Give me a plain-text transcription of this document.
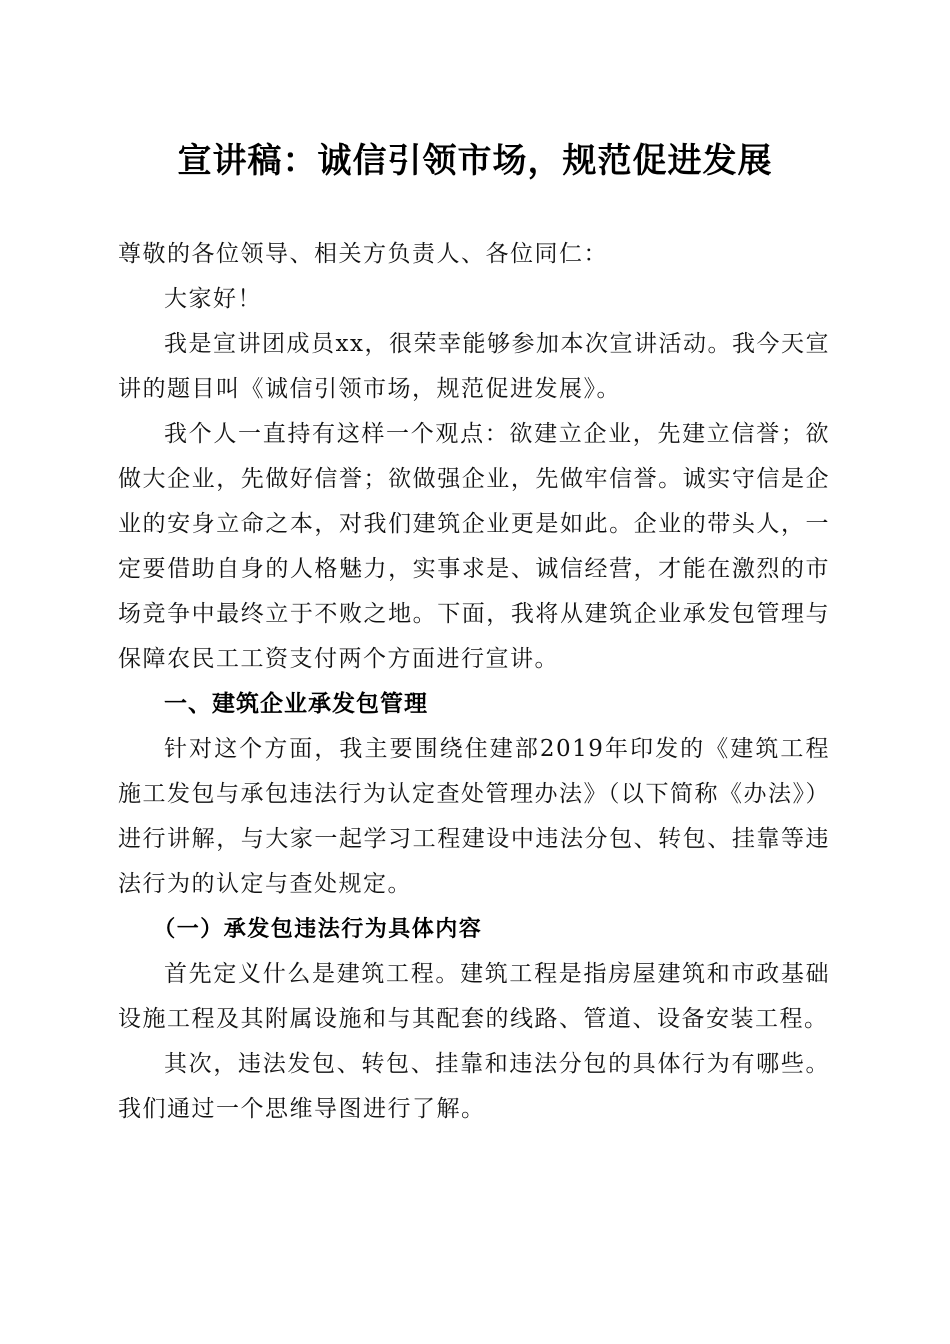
宣讲稿：诚信引领市场，规范促进发展

尊敬的各位领导、相关方负责人、各位同仁：

大家好！

我是宣讲团成员xx，很荣幸能够参加本次宣讲活动。我今天宣讲的题目叫《诚信引领市场，规范促进发展》。

我个人一直持有这样一个观点：欲建立企业，先建立信誉；欲做大企业，先做好信誉；欲做强企业，先做牢信誉。诚实守信是企业的安身立命之本，对我们建筑企业更是如此。企业的带头人，一定要借助自身的人格魅力，实事求是、诚信经营，才能在激烈的市场竞争中最终立于不败之地。下面，我将从建筑企业承发包管理与保障农民工工资支付两个方面进行宣讲。

一、建筑企业承发包管理

针对这个方面，我主要围绕住建部2019年印发的《建筑工程施工发包与承包违法行为认定查处管理办法》（以下简称《办法》）进行讲解，与大家一起学习工程建设中违法分包、转包、挂靠等违法行为的认定与查处规定。

（一）承发包违法行为具体内容

首先定义什么是建筑工程。建筑工程是指房屋建筑和市政基础设施工程及其附属设施和与其配套的线路、管道、设备安装工程。

其次，违法发包、转包、挂靠和违法分包的具体行为有哪些。我们通过一个思维导图进行了解。
